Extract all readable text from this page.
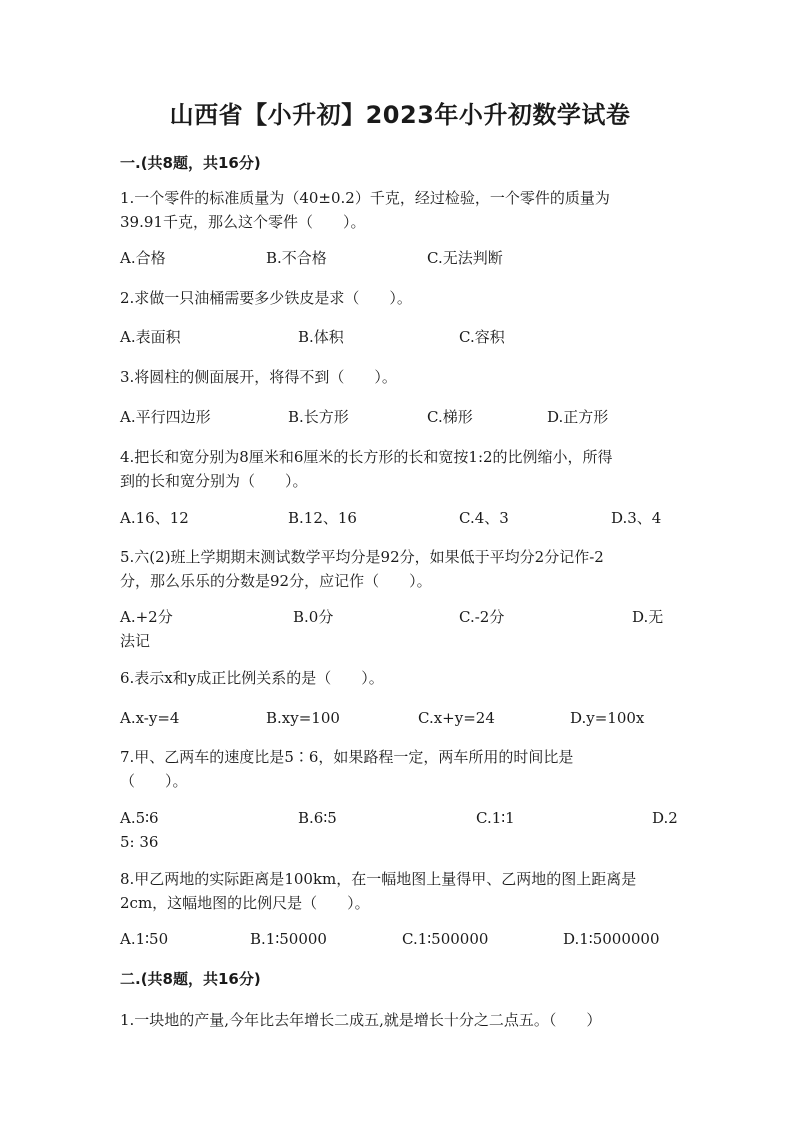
山西省【小升初】2023年小升初数学试卷
一.(共8题，共16分)
1.一个零件的标准质量为（40±0.2）千克，经过检验，一个零件的质量为
39.91千克，那么这个零件（　　）。
A.合格	B.不合格	C.无法判断
2.求做一只油桶需要多少铁皮是求（　　）。
A.表面积	B.体积	C.容积
3.将圆柱的侧面展开，将得不到（　　）。
A.平行四边形	B.长方形	C.梯形	D.正方形
4.把长和宽分别为8厘米和6厘米的长方形的长和宽按1:2的比例缩小，所得
到的长和宽分别为（　　）。
A.16、12	B.12、16	C.4、3	D.3、4
5.六(2)班上学期期末测试数学平均分是92分，如果低于平均分2分记作-2
分，那么乐乐的分数是92分，应记作（　　）。
A.+2分	B.0分	C.-2分	D.无
法记
6.表示x和y成正比例关系的是（　　）。
A.x-y=4	B.xy=100	C.x+y=24	D.y=100x
7.甲、乙两车的速度比是5∶6，如果路程一定，两车所用的时间比是
（　　）。
A.5∶6	B.6∶5	C.1∶1	D.2
5: 36
8.甲乙两地的实际距离是100km，在一幅地图上量得甲、乙两地的图上距离是
2cm，这幅地图的比例尺是（　　）。
A.1∶50	B.1∶50000	C.1∶500000	D.1∶5000000
二.(共8题，共16分)
1.一块地的产量,今年比去年增长二成五,就是增长十分之二点五。（　　）
